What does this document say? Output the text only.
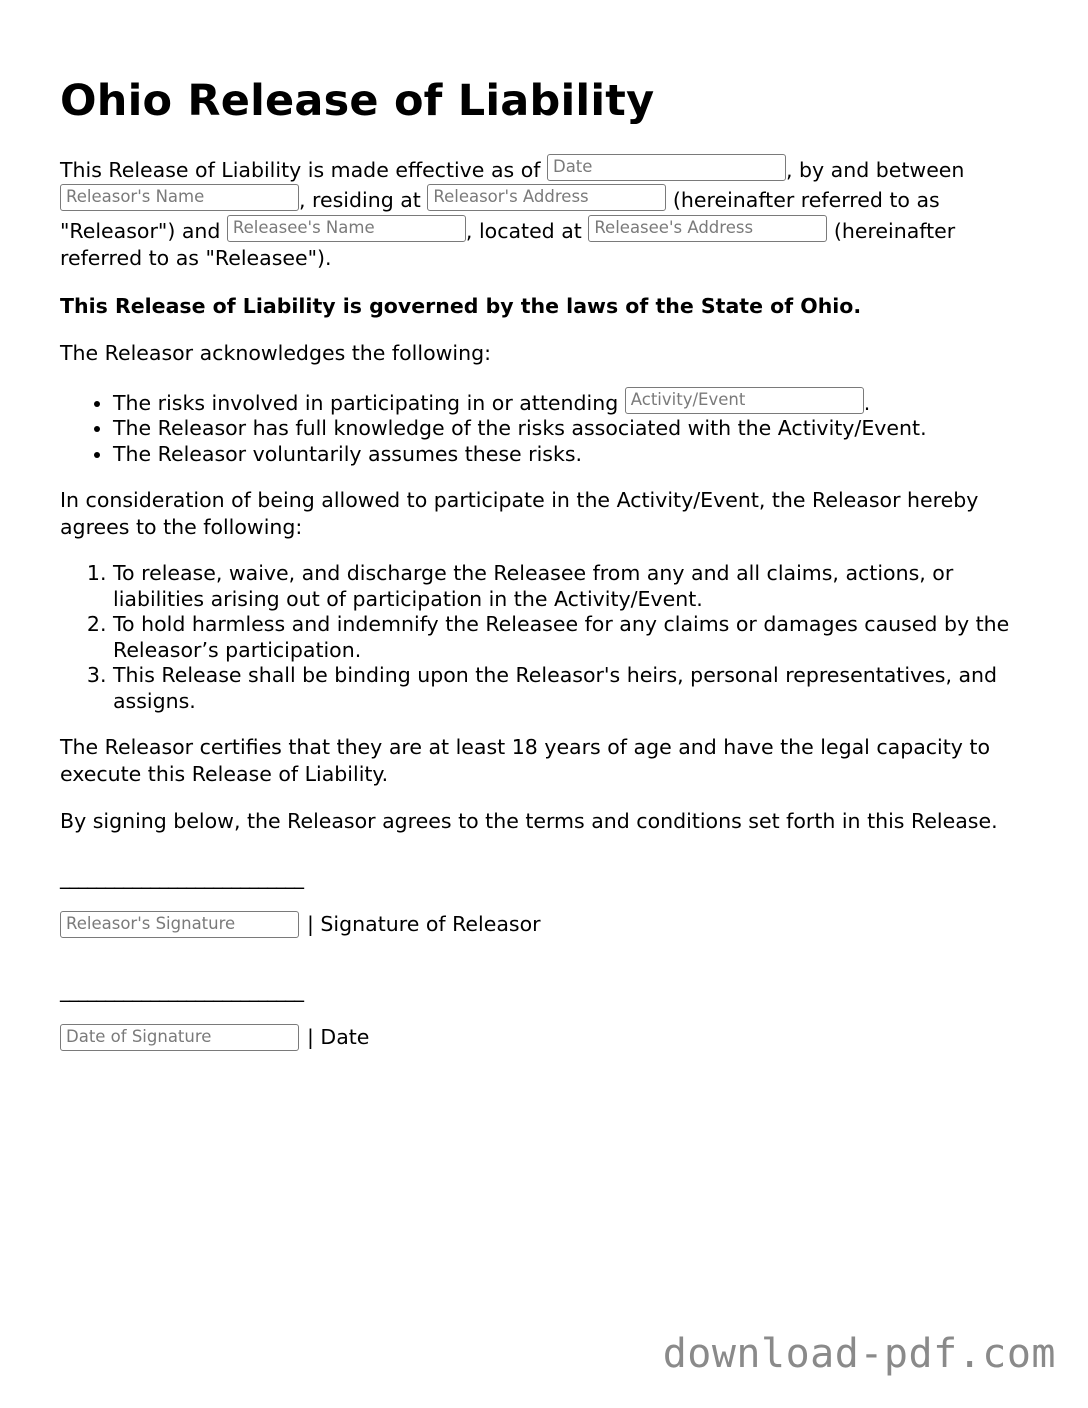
Ohio Release of Liability

This Release of Liability is made effective as of Date	, by and between Releasor's Name	, residing at Releasor's Address	(hereinafter referred to as "Releasor") and Releasee's Name	, located at Releasee's Address	(hereinafter referred to as "Releasee").

This Release of Liability is governed by the laws of the State of Ohio.

The Releasor acknowledges the following:

• The risks involved in participating in or attending Activity/Event	.
• The Releasor has full knowledge of the risks associated with the Activity/Event.
• The Releasor voluntarily assumes these risks.

In consideration of being allowed to participate in the Activity/Event, the Releasor hereby agrees to the following:

1. To release, waive, and discharge the Releasee from any and all claims, actions, or liabilities arising out of participation in the Activity/Event.
2. To hold harmless and indemnify the Releasee for any claims or damages caused by the Releasor’s participation.
3. This Release shall be binding upon the Releasor's heirs, personal representatives, and assigns.

The Releasor certifies that they are at least 18 years of age and have the legal capacity to execute this Release of Liability.

By signing below, the Releasor agrees to the terms and conditions set forth in this Release.

___________________________
Releasor's Signature	| Signature of Releasor
___________________________
Date of Signature	| Date
download-pdf.com
